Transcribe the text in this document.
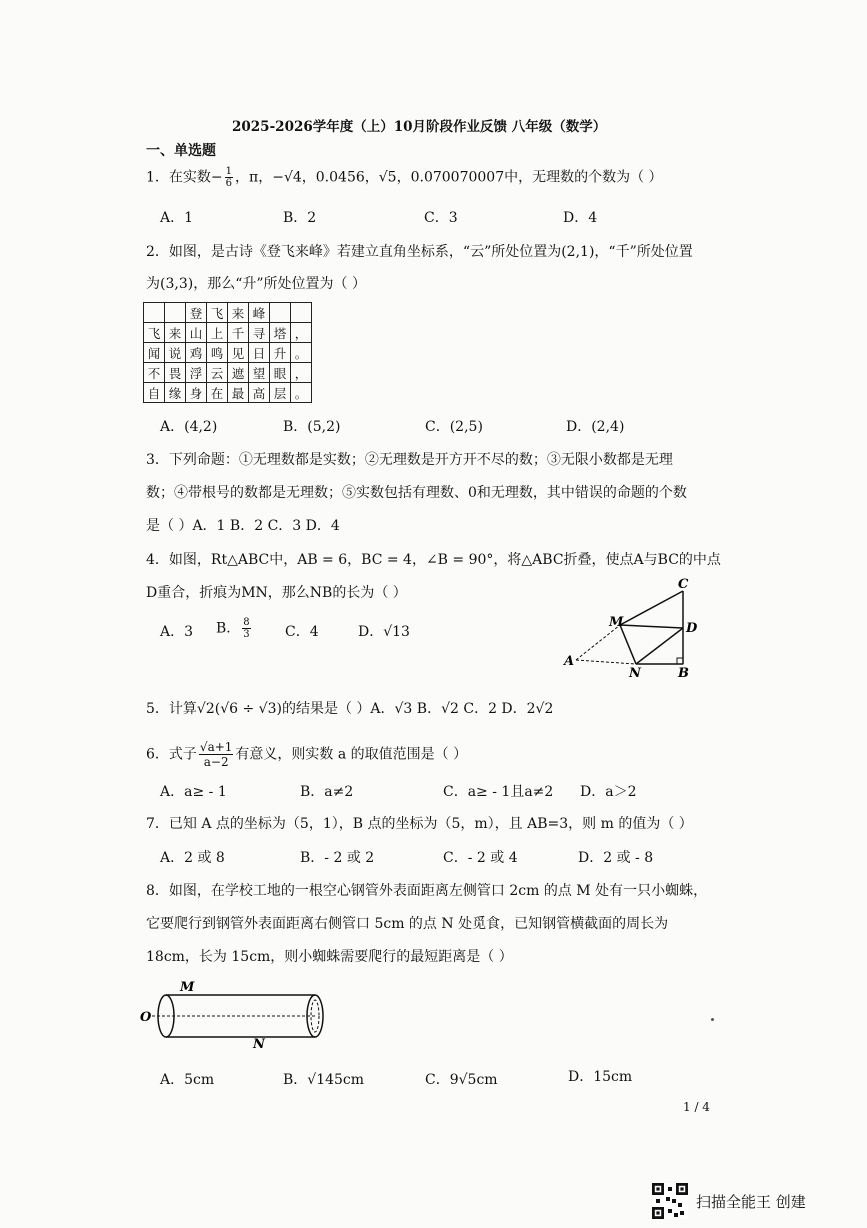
2025-2026学年度（上）10月阶段作业反馈 八年级（数学）
一、单选题
1．在实数− $\frac{1}{6}$ ，π，−√4，0.0456，√5，0.070070007中，无理数的个数为（ ）
A．1	B．2	C．3	D．4
2．如图，是古诗《登飞来峰》若建立直角坐标系，“云”所处位置为(2,1)，“千”所处位置
为(3,3)，那么“升”所处位置为（ ）
		登	飞	来	峰		
飞	来	山	上	千	寻	塔	，
闻	说	鸡	鸣	见	日	升	。
不	畏	浮	云	遮	望	眼	，
自	缘	身	在	最	高	层	。
A．(4,2)	B．(5,2)	C．(2,5)	D．(2,4)
3．下列命题：①无理数都是实数；②无理数是开方开不尽的数；③无限小数都是无理
数；④带根号的数都是无理数；⑤实数包括有理数、0和无理数，其中错误的命题的个数
是（ ）A．1 B．2 C．3 D．4
4．如图，Rt△ABC中，AB = 6，BC = 4，∠B = 90°，将△ABC折叠，使点A与BC的中点
D重合，折痕为MN，那么NB的长为（ ）
A．3 B． $\frac{8}{3}$ C．4	D．√13
C
M	D
A
N	B
5．计算√2(√6 ÷ √3)的结果是（ ）A．√3 B．√2 C．2 D．2√2
6．式子 $\frac{√a+1}{a-2}$ 有意义，则实数 a 的取值范围是（ ）
A．a≥ - 1	B．a≠2	C．a≥ - 1且a≠2 D．a＞2
7．已知 A 点的坐标为（5，1），B 点的坐标为（5，m），且 AB=3，则 m 的值为（ ）
A．2 或 8	B．- 2 或 2	C．- 2 或 4	D．2 或 - 8
8．如图，在学校工地的一根空心钢管外表面距离左侧管口 2cm 的点 M 处有一只小蜘蛛，
它要爬行到钢管外表面距离右侧管口 5cm 的点 N 处觅食，已知钢管横截面的周长为
18cm，长为 15cm，则小蜘蛛需要爬行的最短距离是（ ）
M
O
N
A．5cm	B．√145cm	C．9√5cm	D．15cm
1 / 4
扫描全能王 创建
